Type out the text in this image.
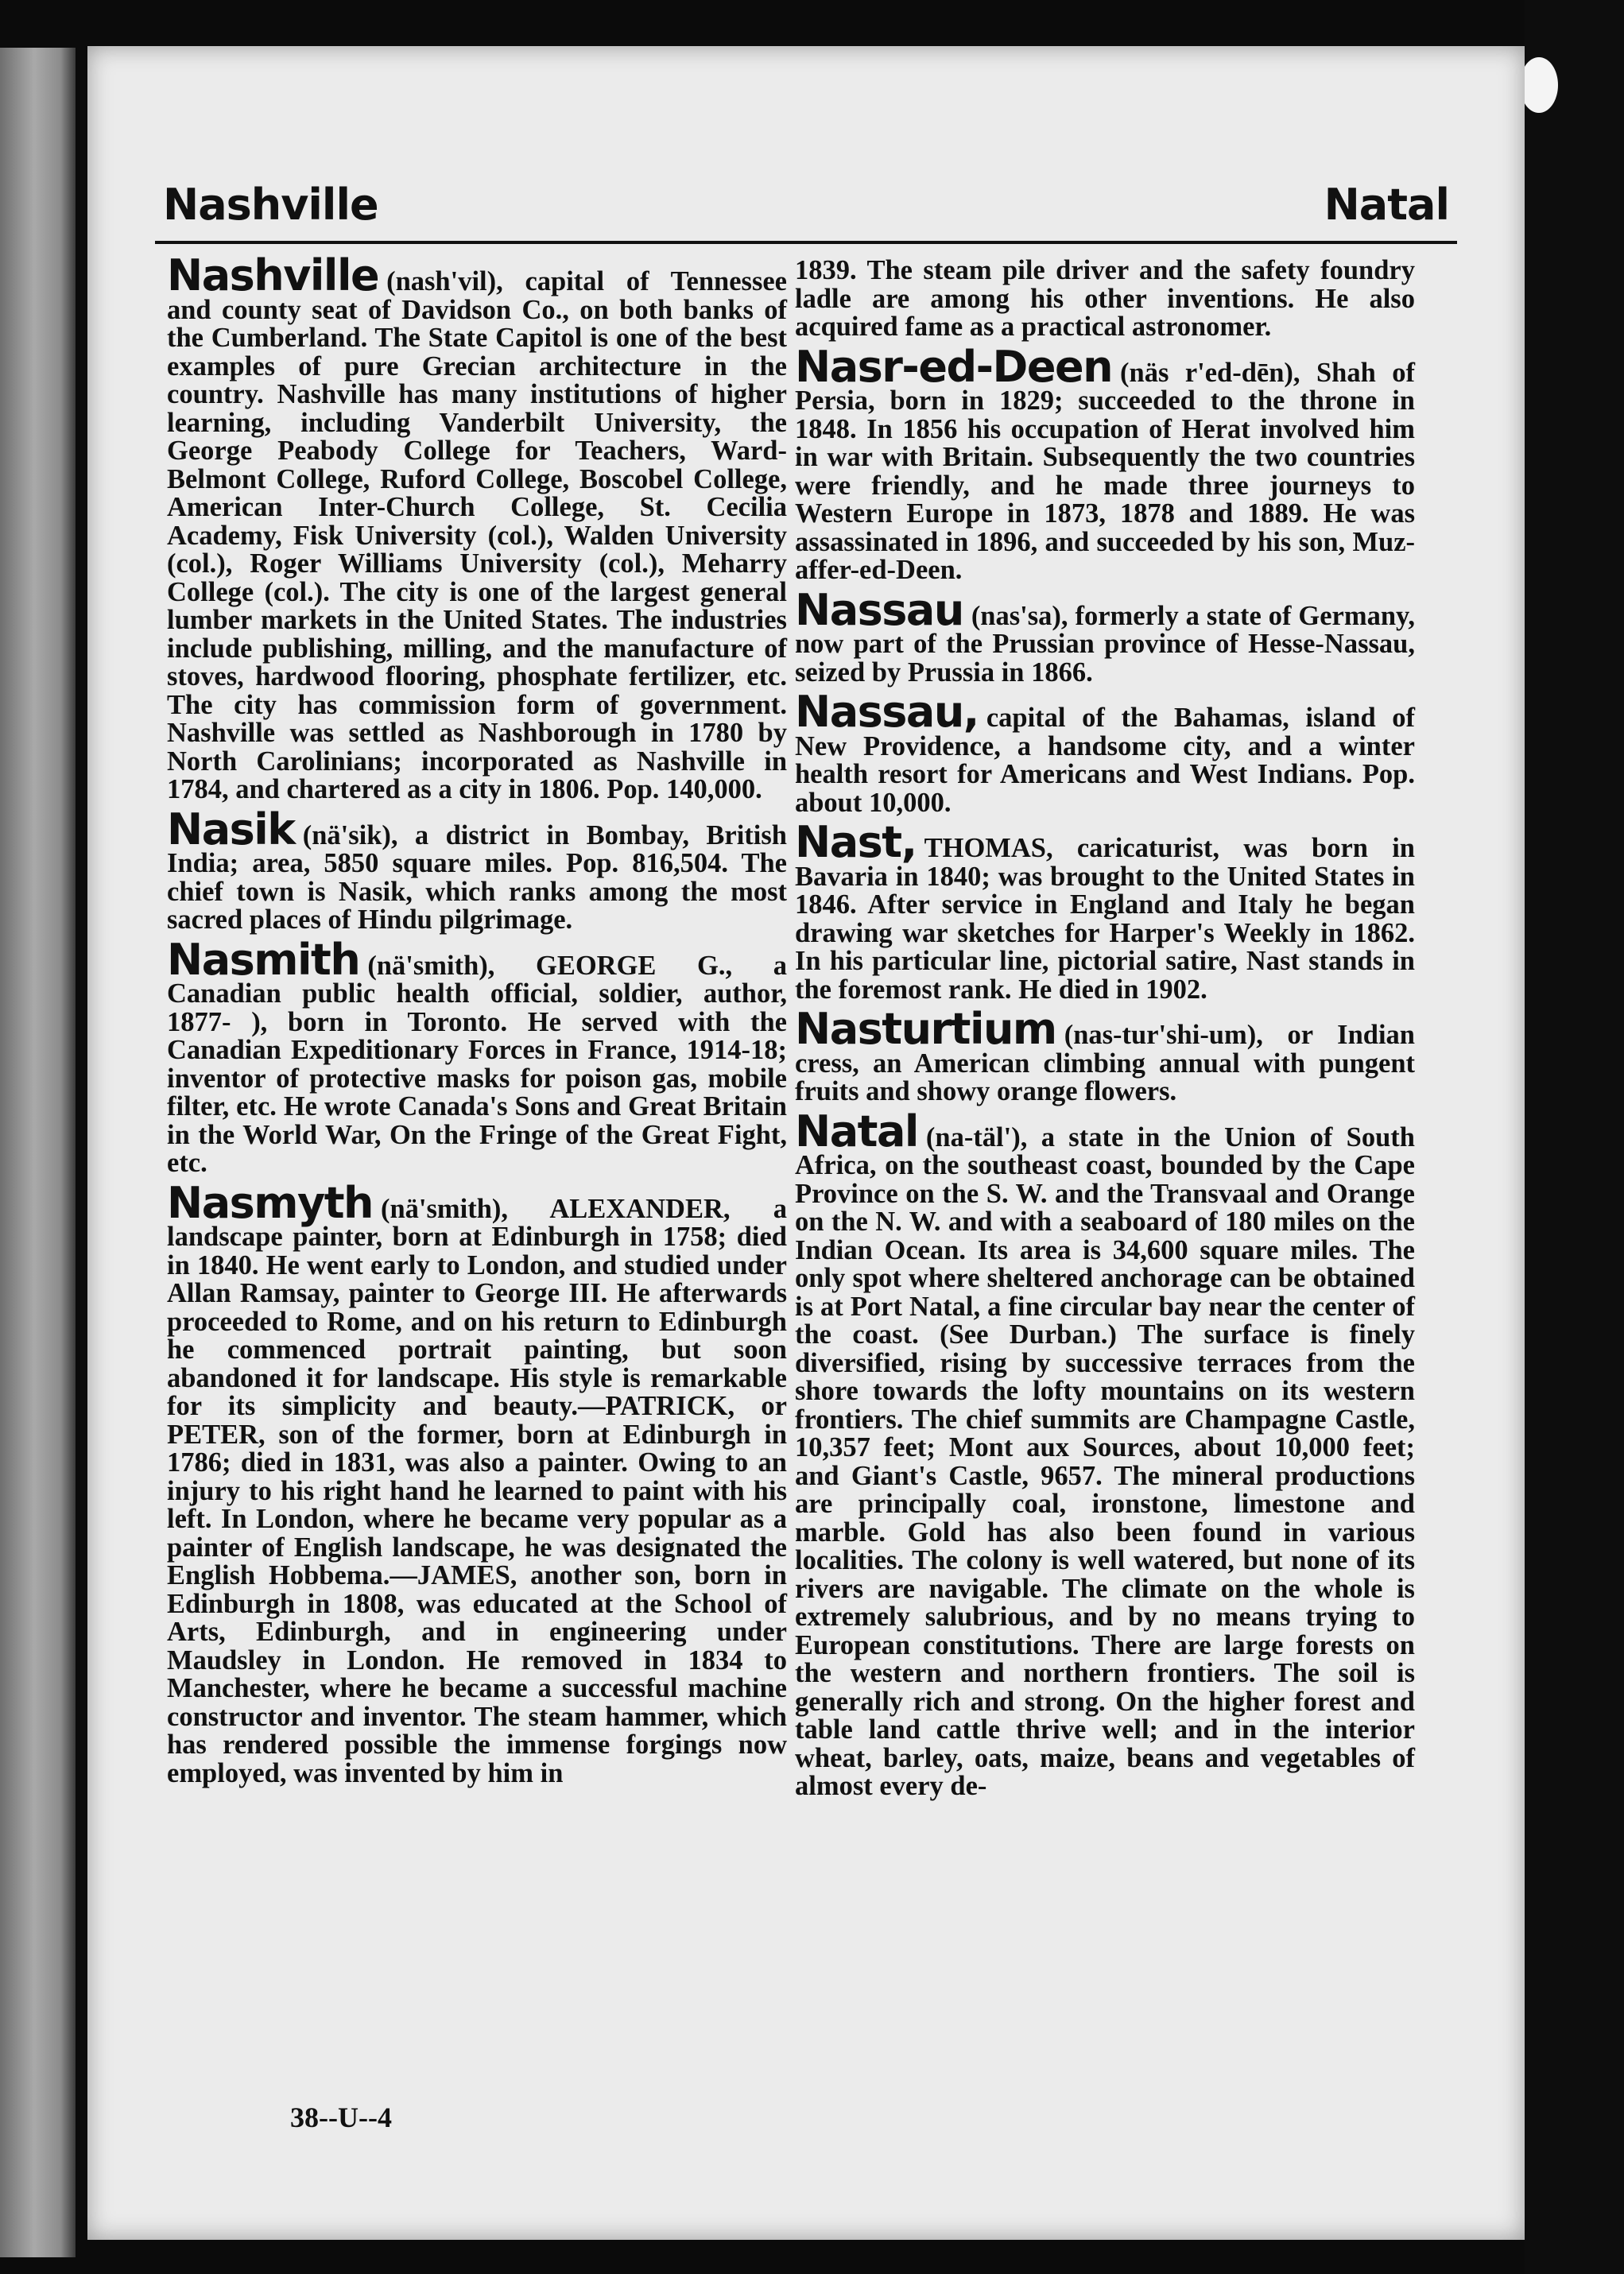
Nashville	Natal

Nashville (nash'vil), capital of Tennessee and county seat of Davidson Co., on both banks of the Cumberland. The State Capitol is one of the best examples of pure Grecian architecture in the country. Nashville has many institutions of higher learning, including Vanderbilt University, the George Peabody College for Teachers, Ward-Belmont College, Ruford College, Boscobel College, American Inter-Church College, St. Cecilia Academy, Fisk University (col.), Walden University (col.), Roger Williams University (col.), Meharry College (col.). The city is one of the largest general lumber markets in the United States. The industries include publishing, milling, and the manufacture of stoves, hardwood flooring, phosphate fertilizer, etc. The city has commission form of government. Nashville was settled as Nashborough in 1780 by North Carolinians; incorporated as Nashville in 1784, and chartered as a city in 1806. Pop. 140,000.

Nasik (nä'sik), a district in Bombay, British India; area, 5850 square miles. Pop. 816,504. The chief town is Nasik, which ranks among the most sacred places of Hindu pilgrimage.

Nasmith (nä'smith), GEORGE G., a Canadian public health official, soldier, author, 1877- ), born in Toronto. He served with the Canadian Expeditionary Forces in France, 1914-18; inventor of protective masks for poison gas, mobile filter, etc. He wrote Canada's Sons and Great Britain in the World War, On the Fringe of the Great Fight, etc.

Nasmyth (nä'smith), ALEXANDER, a landscape painter, born at Edinburgh in 1758; died in 1840. He went early to London, and studied under Allan Ramsay, painter to George III. He afterwards proceeded to Rome, and on his return to Edinburgh he commenced portrait painting, but soon abandoned it for landscape. His style is remarkable for its simplicity and beauty.—PATRICK, or PETER, son of the former, born at Edinburgh in 1786; died in 1831, was also a painter. Owing to an injury to his right hand he learned to paint with his left. In London, where he became very popular as a painter of English landscape, he was designated the English Hobbema.—JAMES, another son, born in Edinburgh in 1808, was educated at the School of Arts, Edinburgh, and in engineering under Maudsley in London. He removed in 1834 to Manchester, where he became a successful machine constructor and inventor. The steam hammer, which has rendered possible the immense forgings now employed, was invented by him in

1839. The steam pile driver and the safety foundry ladle are among his other inventions. He also acquired fame as a practical astronomer.

Nasr-ed-Deen (näs r'ed-dēn), Shah of Persia, born in 1829; succeeded to the throne in 1848. In 1856 his occupation of Herat involved him in war with Britain. Subsequently the two countries were friendly, and he made three journeys to Western Europe in 1873, 1878 and 1889. He was assassinated in 1896, and succeeded by his son, Muz-affer-ed-Deen.

Nassau (nas'sa), formerly a state of Germany, now part of the Prussian province of Hesse-Nassau, seized by Prussia in 1866.

Nassau, capital of the Bahamas, island of New Providence, a handsome city, and a winter health resort for Americans and West Indians. Pop. about 10,000.

Nast, THOMAS, caricaturist, was born in Bavaria in 1840; was brought to the United States in 1846. After service in England and Italy he began drawing war sketches for Harper's Weekly in 1862. In his particular line, pictorial satire, Nast stands in the foremost rank. He died in 1902.

Nasturtium (nas-tur'shi-um), or Indian cress, an American climbing annual with pungent fruits and showy orange flowers.

Natal (na-täl'), a state in the Union of South Africa, on the southeast coast, bounded by the Cape Province on the S. W. and the Transvaal and Orange on the N. W. and with a seaboard of 180 miles on the Indian Ocean. Its area is 34,600 square miles. The only spot where sheltered anchorage can be obtained is at Port Natal, a fine circular bay near the center of the coast. (See Durban.) The surface is finely diversified, rising by successive terraces from the shore towards the lofty mountains on its western frontiers. The chief summits are Champagne Castle, 10,357 feet; Mont aux Sources, about 10,000 feet; and Giant's Castle, 9657. The mineral productions are principally coal, ironstone, limestone and marble. Gold has also been found in various localities. The colony is well watered, but none of its rivers are navigable. The climate on the whole is extremely salubrious, and by no means trying to European constitutions. There are large forests on the western and northern frontiers. The soil is generally rich and strong. On the higher forest and table land cattle thrive well; and in the interior wheat, barley, oats, maize, beans and vegetables of almost every de-

38--U--4
